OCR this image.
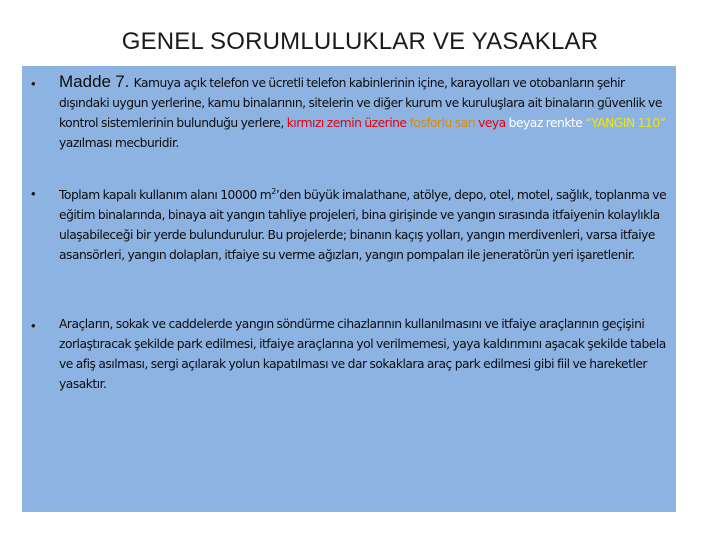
GENEL SORUMLULUKLAR VE YASAKLAR
• Madde 7. Kamuya açık telefon ve ücretli telefon kabinlerinin içine, karayolları ve otobanların şehir dışındaki uygun yerlerine, kamu binalarının, sitelerin ve diğer kurum ve kuruluşlara ait binaların güvenlik ve kontrol sistemlerinin bulunduğu yerlere, kırmızı zemin üzerine fosforlu sarı veya beyaz renkte “YANGIN 110” yazılması mecburidir.
• Toplam kapalı kullanım alanı 10000 $m^2’den$ büyük imalathane, atölye, depo, otel, motel, sağlık, toplanma ve eğitim binalarında, binaya ait yangın tahliye projeleri, bina girişinde ve yangın sırasında itfaiyenin kolaylıkla ulaşabileceği bir yerde bulundurulur. Bu projelerde; binanın kaçış yolları, yangın merdivenleri, varsa itfaiye asansörleri, yangın dolapları, itfaiye su verme ağızları, yangın pompaları ile jeneratörün yeri işaretlenir.
• Araçların, sokak ve caddelerde yangın söndürme cihazlarının kullanılmasını ve itfaiye araçlarının geçişini zorlaştıracak şekilde park edilmesi, itfaiye araçlarına yol verilmemesi, yaya kaldırımını aşacak şekilde tabela ve afiş asılması, sergi açılarak yolun kapatılması ve dar sokaklara araç park edilmesi gibi fiil ve hareketler yasaktır.
